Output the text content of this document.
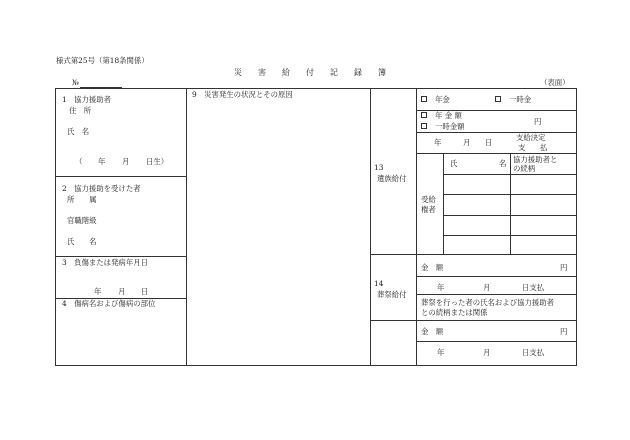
様式第25号（第18条関係）
災 害 給 付 記 録 簿
№	（表面）
1　協力援助者
住　所
氏　名
（ 年 月 日生）
2　協力援助を受けた者
所　　属
官職階級
氏　　名
3　負傷または発病年月日
年 月 日
4　傷病名および傷病の部位
9　災害発生の状況とその原因
13
遺族給付
年金	一時金
年 金 額
一時金額
円
年	月 日
支給決定
支　　払
受給
権者
氏	名 協力援助者と
の続柄
14
葬祭給付
金　額	円
年	月	日支払
葬祭を行った者の氏名および協力援助者
との続柄または関係
金　額	円
年	月	日支払
